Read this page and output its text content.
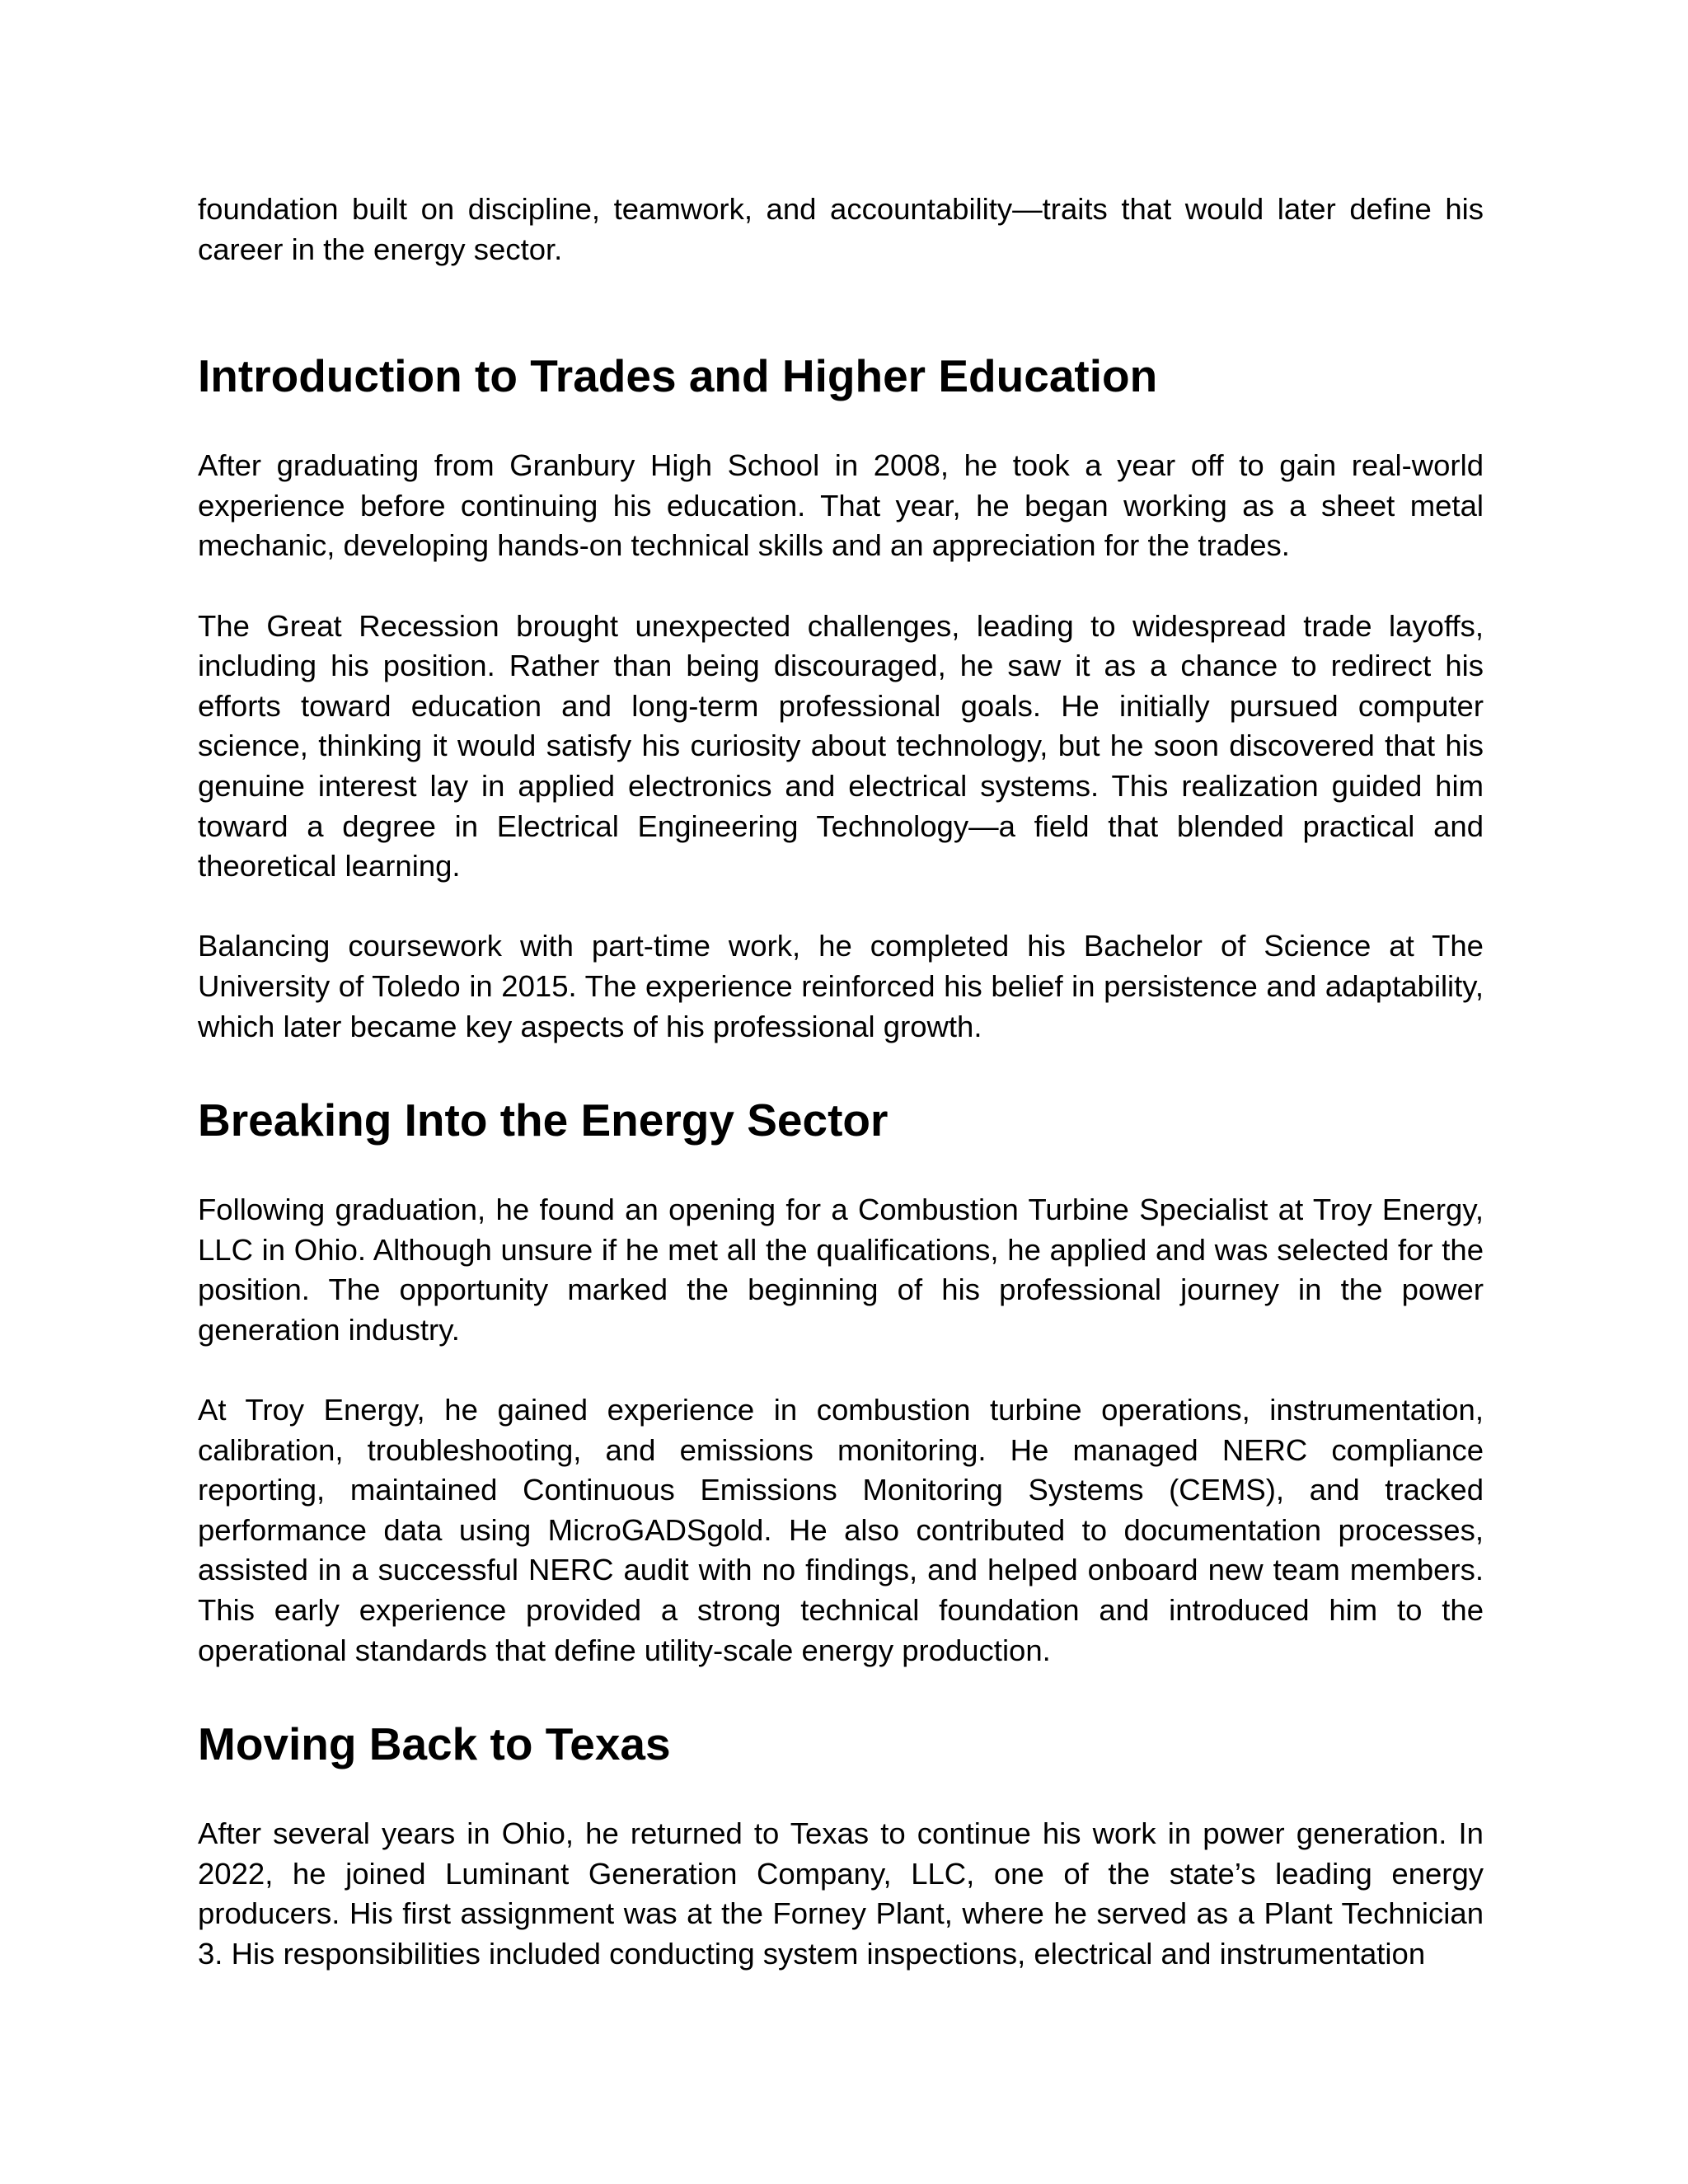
foundation built on discipline, teamwork, and accountability—traits that would later define his career in the energy sector.

Introduction to Trades and Higher Education

After graduating from Granbury High School in 2008, he took a year off to gain real-world experience before continuing his education. That year, he began working as a sheet metal mechanic, developing hands-on technical skills and an appreciation for the trades.

The Great Recession brought unexpected challenges, leading to widespread trade layoffs, including his position. Rather than being discouraged, he saw it as a chance to redirect his efforts toward education and long-term professional goals. He initially pursued computer science, thinking it would satisfy his curiosity about technology, but he soon discovered that his genuine interest lay in applied electronics and electrical systems. This realization guided him toward a degree in Electrical Engineering Technology—a field that blended practical and theoretical learning.

Balancing coursework with part-time work, he completed his Bachelor of Science at The University of Toledo in 2015. The experience reinforced his belief in persistence and adaptability, which later became key aspects of his professional growth.

Breaking Into the Energy Sector

Following graduation, he found an opening for a Combustion Turbine Specialist at Troy Energy, LLC in Ohio. Although unsure if he met all the qualifications, he applied and was selected for the position. The opportunity marked the beginning of his professional journey in the power generation industry.

At Troy Energy, he gained experience in combustion turbine operations, instrumentation, calibration, troubleshooting, and emissions monitoring. He managed NERC compliance reporting, maintained Continuous Emissions Monitoring Systems (CEMS), and tracked performance data using MicroGADSgold. He also contributed to documentation processes, assisted in a successful NERC audit with no findings, and helped onboard new team members. This early experience provided a strong technical foundation and introduced him to the operational standards that define utility-scale energy production.

Moving Back to Texas

After several years in Ohio, he returned to Texas to continue his work in power generation. In 2022, he joined Luminant Generation Company, LLC, one of the state’s leading energy producers. His first assignment was at the Forney Plant, where he served as a Plant Technician 3. His responsibilities included conducting system inspections, electrical and instrumentation
